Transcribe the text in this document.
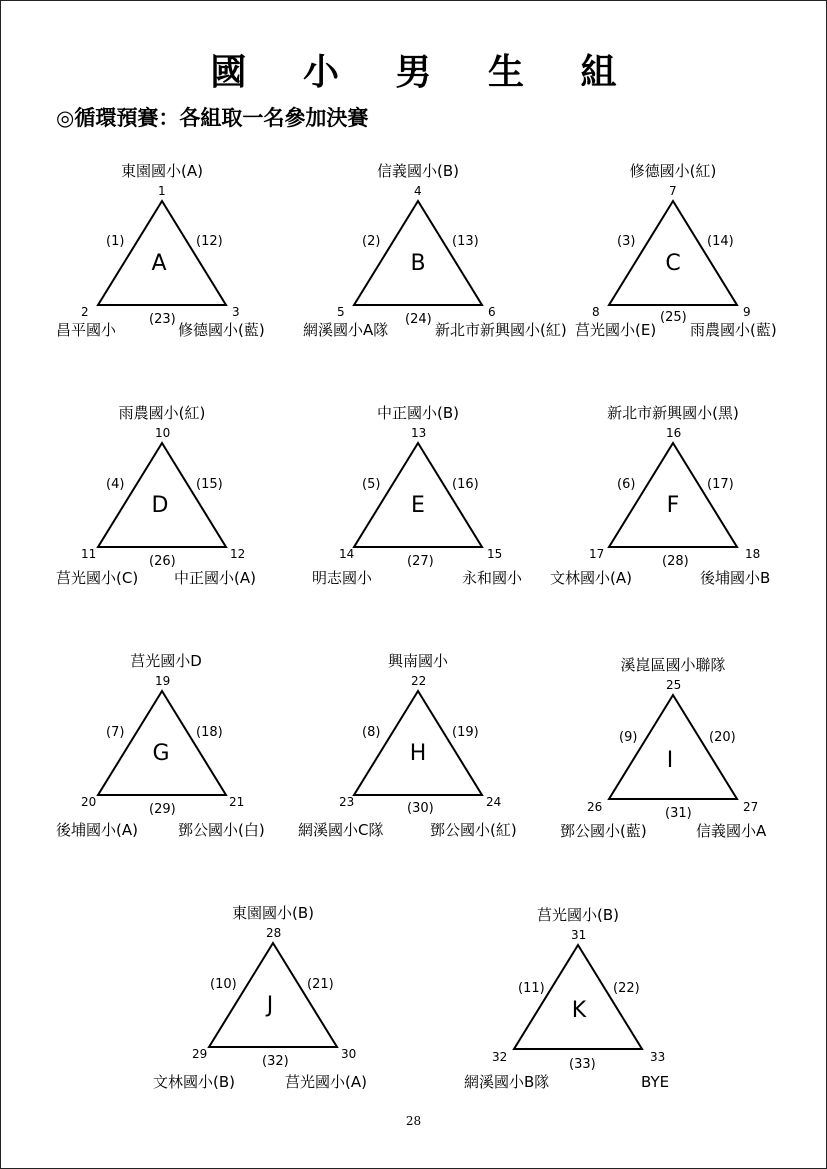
國 小 男 生 組
◎循環預賽：各組取一名參加決賽
東園國小(A)
1
2	3
(1)	(12)
(23)
A
昌平國小	修德國小(藍)
信義國小(B)
4
5	6
(2)	(13)
(24)
B
網溪國小A隊	新北市新興國小(紅)
修德國小(紅)
7
8	9
(3)	(14)
(25)
C
莒光國小(E) 雨農國小(藍)
雨農國小(紅)
10
11	12
(4)	(15)
(26)
D
莒光國小(C) 中正國小(A)
中正國小(B)
13
14	15
(5)	(16)
(27)
E
明志國小	永和國小
新北市新興國小(黑)
16
17	18
(6)	(17)
(28)
F
文林國小(A)	後埔國小B
莒光國小D
19
20	21
(7)	(18)
(29)
G
後埔國小(A)	鄧公國小(白)
興南國小
22
23	24
(8)	(19)
(30)
H
網溪國小C隊	鄧公國小(紅)
溪崑區國小聯隊
25
26	27
(9)	(20)
(31)
I
鄧公國小(藍)	信義國小A
東園國小(B)
28
29	30
(10)	(21)
(32)
J
文林國小(B)	莒光國小(A)
莒光國小(B)
31
32	33
(11)	(22)
(33)
K
網溪國小B隊	BYE
28
